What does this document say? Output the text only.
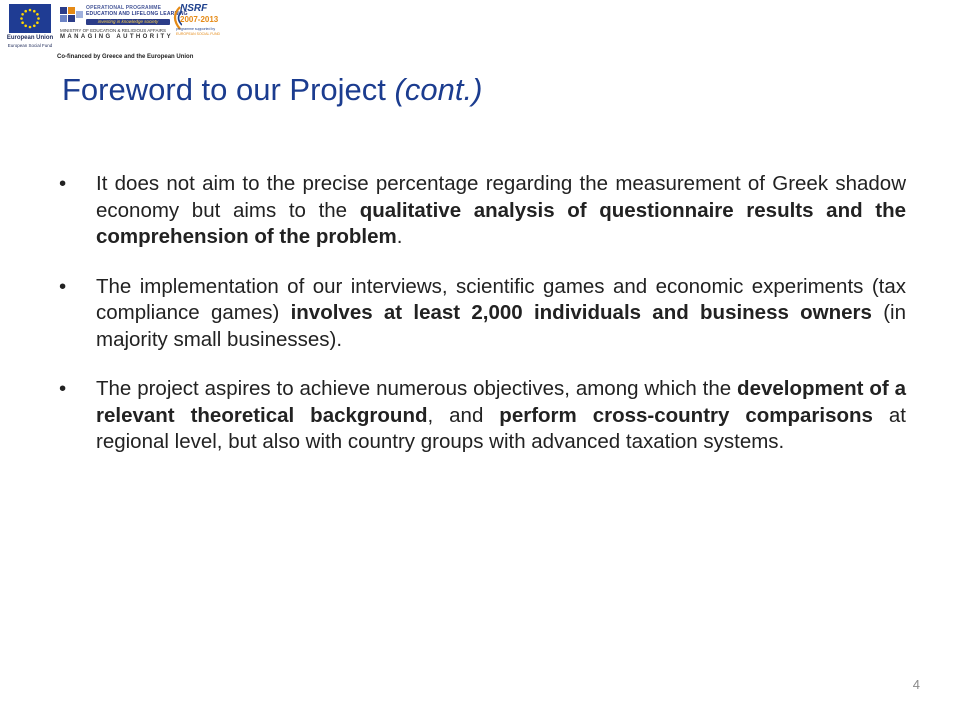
European Union
European Social Fund
OPERATIONAL PROGRAMME
EDUCATION AND LIFELONG LEARNING
investing in knowledge society
MINISTRY OF EDUCATION & RELIGIOUS AFFAIRS
MANAGING AUTHORITY
NSRF
2007-2013
programme supported by
EUROPEAN SOCIAL FUND
Co-financed by Greece and the European Union
Foreword to our Project (cont.)
•	It does not aim to the precise percentage regarding the measurement of Greek shadow economy but aims to the qualitative analysis of questionnaire results and the comprehension of the problem.
•	The implementation of our interviews, scientific games and economic experiments (tax compliance games) involves at least 2,000 individuals and business owners (in majority small businesses).
•	The project aspires to achieve numerous objectives, among which the development of a relevant theoretical background, and perform cross-country comparisons at regional level, but also with country groups with advanced taxation systems.
4
